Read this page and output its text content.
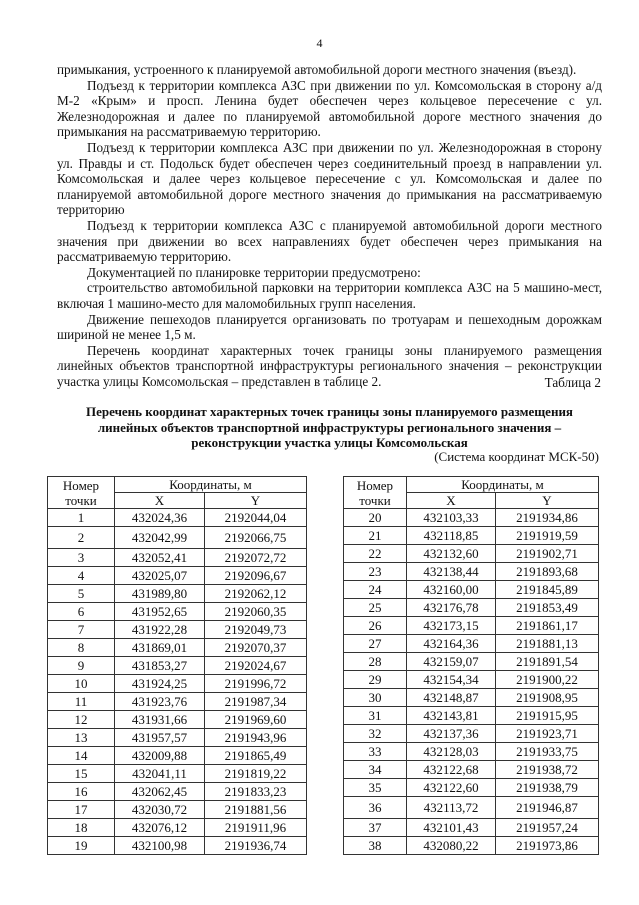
4

примыкания, устроенного к планируемой автомобильной дороги местного значения (въезд).

Подъезд к территории комплекса АЗС при движении по ул. Комсомольская в сторону а/д М-2 «Крым» и просп. Ленина будет обеспечен через кольцевое пересечение с ул. Железнодорожная и далее по планируемой автомобильной дороге местного значения до примыкания на рассматриваемую территорию.

Подъезд к территории комплекса АЗС при движении по ул. Железнодорожная в сторону ул. Правды и ст. Подольск будет обеспечен через соединительный проезд в направлении ул. Комсомольская и далее через кольцевое пересечение с ул. Комсомольская и далее по планируемой автомобильной дороге местного значения до примыкания на рассматриваемую территорию

Подъезд к территории комплекса АЗС с планируемой автомобильной дороги местного значения при движении во всех направлениях будет обеспечен через примыкания на рассматриваемую территорию.

Документацией по планировке территории предусмотрено:

строительство автомобильной парковки на территории комплекса АЗС на 5 машино-мест, включая 1 машино-место для маломобильных групп населения.

Движение пешеходов планируется организовать по тротуарам и пешеходным дорожкам шириной не менее 1,5 м.

Перечень координат характерных точек границы зоны планируемого размещения линейных объектов транспортной инфраструктуры регионального значения – реконструкции участка улицы Комсомольская – представлен в таблице 2.	Таблица 2
Перечень координат характерных точек границы зоны планируемого размещения
линейных объектов транспортной инфраструктуры регионального значения –
реконструкции участка улицы Комсомольская
(Система координат МСК-50)
Номер
точки	Координаты, м	
	X	Y
1	432024,36	2192044,04
2	432042,99	2192066,75
3	432052,41	2192072,72
4	432025,07	2192096,67
5	431989,80	2192062,12
6	431952,65	2192060,35
7	431922,28	2192049,73
8	431869,01	2192070,37
9	431853,27	2192024,67
10	431924,25	2191996,72
11	431923,76	2191987,34
12	431931,66	2191969,60
13	431957,57	2191943,96
14	432009,88	2191865,49
15	432041,11	2191819,22
16	432062,45	2191833,23
17	432030,72	2191881,56
18	432076,12	2191911,96
19	432100,98	2191936,74
Номер
точки	Координаты, м	
	X	Y
20	432103,33	2191934,86
21	432118,85	2191919,59
22	432132,60	2191902,71
23	432138,44	2191893,68
24	432160,00	2191845,89
25	432176,78	2191853,49
26	432173,15	2191861,17
27	432164,36	2191881,13
28	432159,07	2191891,54
29	432154,34	2191900,22
30	432148,87	2191908,95
31	432143,81	2191915,95
32	432137,36	2191923,71
33	432128,03	2191933,75
34	432122,68	2191938,72
35	432122,60	2191938,79
36	432113,72	2191946,87
37	432101,43	2191957,24
38	432080,22	2191973,86
